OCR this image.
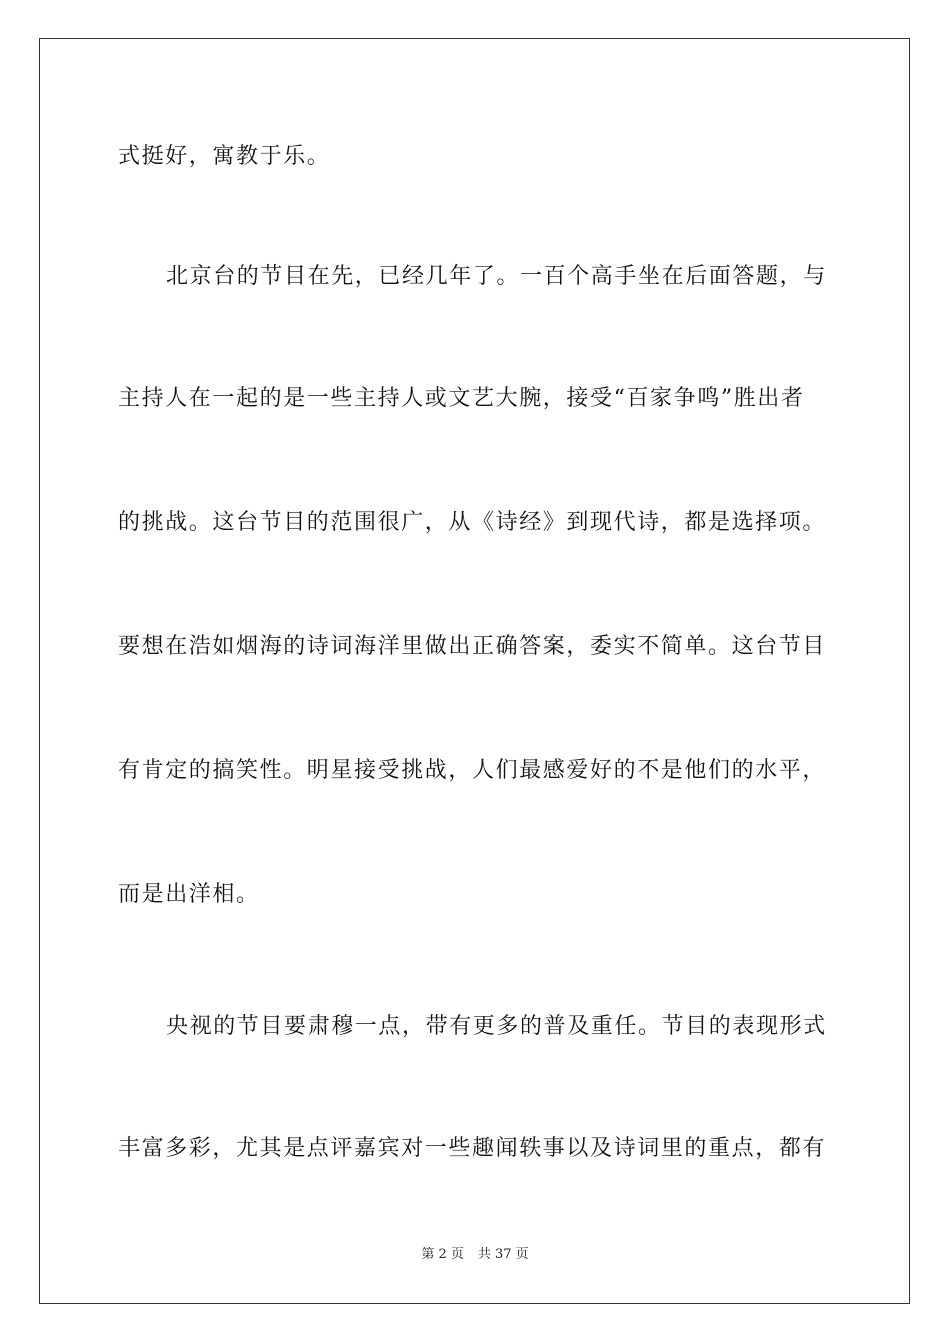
式挺好，寓教于乐。
北京台的节目在先，已经几年了。一百个高手坐在后面答题，与
主持人在一起的是一些主持人或文艺大腕，接受“百家争鸣”胜出者
的挑战。这台节目的范围很广，从《诗经》到现代诗，都是选择项。
要想在浩如烟海的诗词海洋里做出正确答案，委实不简单。这台节目
有肯定的搞笑性。明星接受挑战，人们最感爱好的不是他们的水平，
而是出洋相。
央视的节目要肃穆一点，带有更多的普及重任。节目的表现形式
丰富多彩，尤其是点评嘉宾对一些趣闻轶事以及诗词里的重点，都有
第 2 页 共 37 页
